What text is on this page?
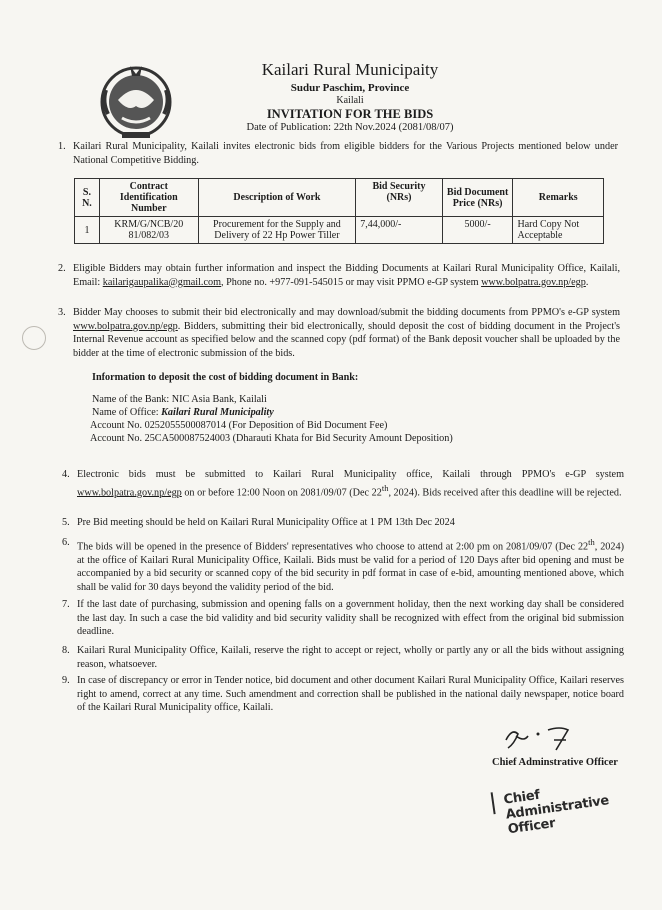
Kailari Rural Municipaity
Sudur Paschim, Province
Kailali
INVITATION FOR THE BIDS
Date of Publication: 22th Nov.2024 (2081/08/07)
1. Kailari Rural Municipality, Kailali invites electronic bids from eligible bidders for the Various Projects mentioned below under National Competitive Bidding.
S. N.	Contract Identification Number	Description of Work	Bid Security (NRs)	Bid Document Price (NRs)	Remarks
1	KRM/G/NCB/20 81/082/03	Procurement for the Supply and Delivery of 22 Hp Power Tiller	7,44,000/-	5000/-	Hard Copy Not Acceptable
2. Eligible Bidders may obtain further information and inspect the Bidding Documents at Kailari Rural Municipality Office, Kailali, Email: kailarigaupalika@gmail.com, Phone no. +977-091-545015 or may visit PPMO e-GP system www.bolpatra.gov.np/egp.
3. Bidder May chooses to submit their bid electronically and may download/submit the bidding documents from PPMO's e-GP system www.bolpatra.gov.np/egp. Bidders, submitting their bid electronically, should deposit the cost of bidding document in the Project's Internal Revenue account as specified below and the scanned copy (pdf format) of the Bank deposit voucher shall be uploaded by the bidder at the time of electronic submission of the bids.
Information to deposit the cost of bidding document in Bank:
Name of the Bank: NIC Asia Bank, Kailali
Name of Office: Kailari Rural Municipality
Account No. 0252055500087014 (For Deposition of Bid Document Fee)
Account No. 25CA500087524003 (Dharauti Khata for Bid Security Amount Deposition)
4. Electronic bids must be submitted to Kailari Rural Municipality office, Kailali through PPMO's e-GP system www.bolpatra.gov.np/egp on or before 12:00 Noon on 2081/09/07 (Dec 22th, 2024). Bids received after this deadline will be rejected.
5. Pre Bid meeting should be held on Kailari Rural Municipality Office at 1 PM 13th Dec 2024
6. The bids will be opened in the presence of Bidders' representatives who choose to attend at 2:00 pm on 2081/09/07 (Dec 22th, 2024) at the office of Kailari Rural Municipality Office, Kailali. Bids must be valid for a period of 120 Days after bid opening and must be accompanied by a bid security or scanned copy of the bid security in pdf format in case of e-bid, amounting mentioned above, which shall be valid for 30 days beyond the validity period of the bid.
7. If the last date of purchasing, submission and opening falls on a government holiday, then the next working day shall be considered the last day. In such a case the bid validity and bid security validity shall be recognized with effect from the original bid submission deadline.
8. Kailari Rural Municipality Office, Kailali, reserve the right to accept or reject, wholly or partly any or all the bids without assigning reason, whatsoever.
9. In case of discrepancy or error in Tender notice, bid document and other document Kailari Rural Municipality Office, Kailari reserves right to amend, correct at any time. Such amendment and correction shall be published in the national daily newspaper, notice board of the Kailari Rural Municipality office, Kailali.
Chief Adminstrative Officer
Chief Administrative Officer
